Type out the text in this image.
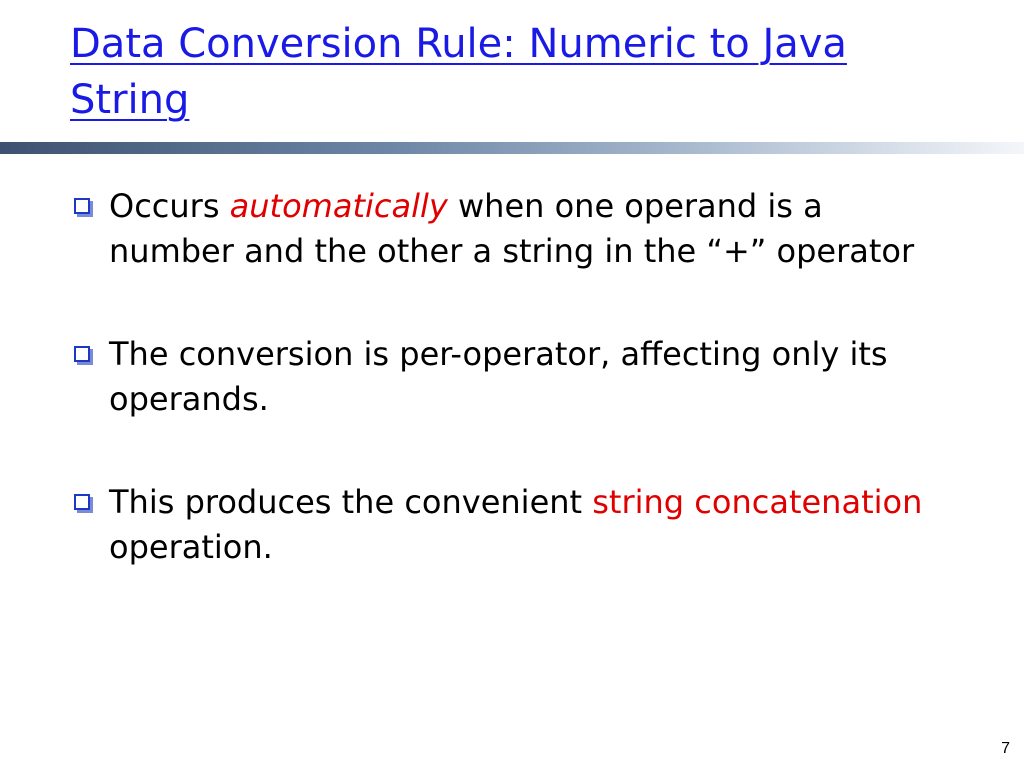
Data Conversion Rule: Numeric to Java String
Occurs automatically when one operand is a number and the other a string in the “+” operator
The conversion is per-operator, affecting only its operands.
This produces the convenient string concatenation operation.
7
